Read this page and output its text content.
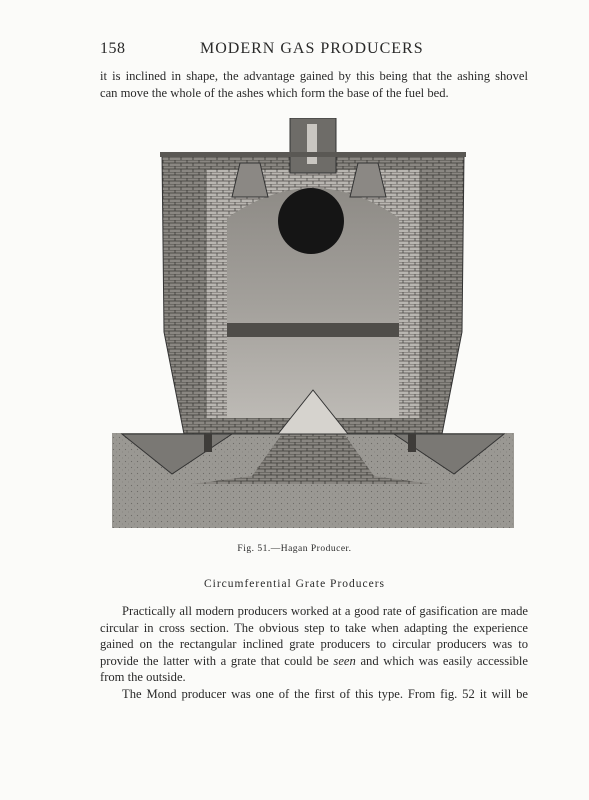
158	MODERN GAS PRODUCERS

it is inclined in shape, the advantage gained by this being that the ashing shovel
can move the whole of the ashes which form the base of the fuel bed.

Fig. 51.—Hagan Producer.
Circumferential Grate Producers

Practically all modern producers worked at a good rate of gasification are made
circular in cross section. The obvious step to take when adapting the experience
gained on the rectangular inclined grate producers to circular producers was to
provide the latter with a grate that could be seen and which was easily accessible
from the outside.

The Mond producer was one of the first of this type. From fig. 52 it will be
